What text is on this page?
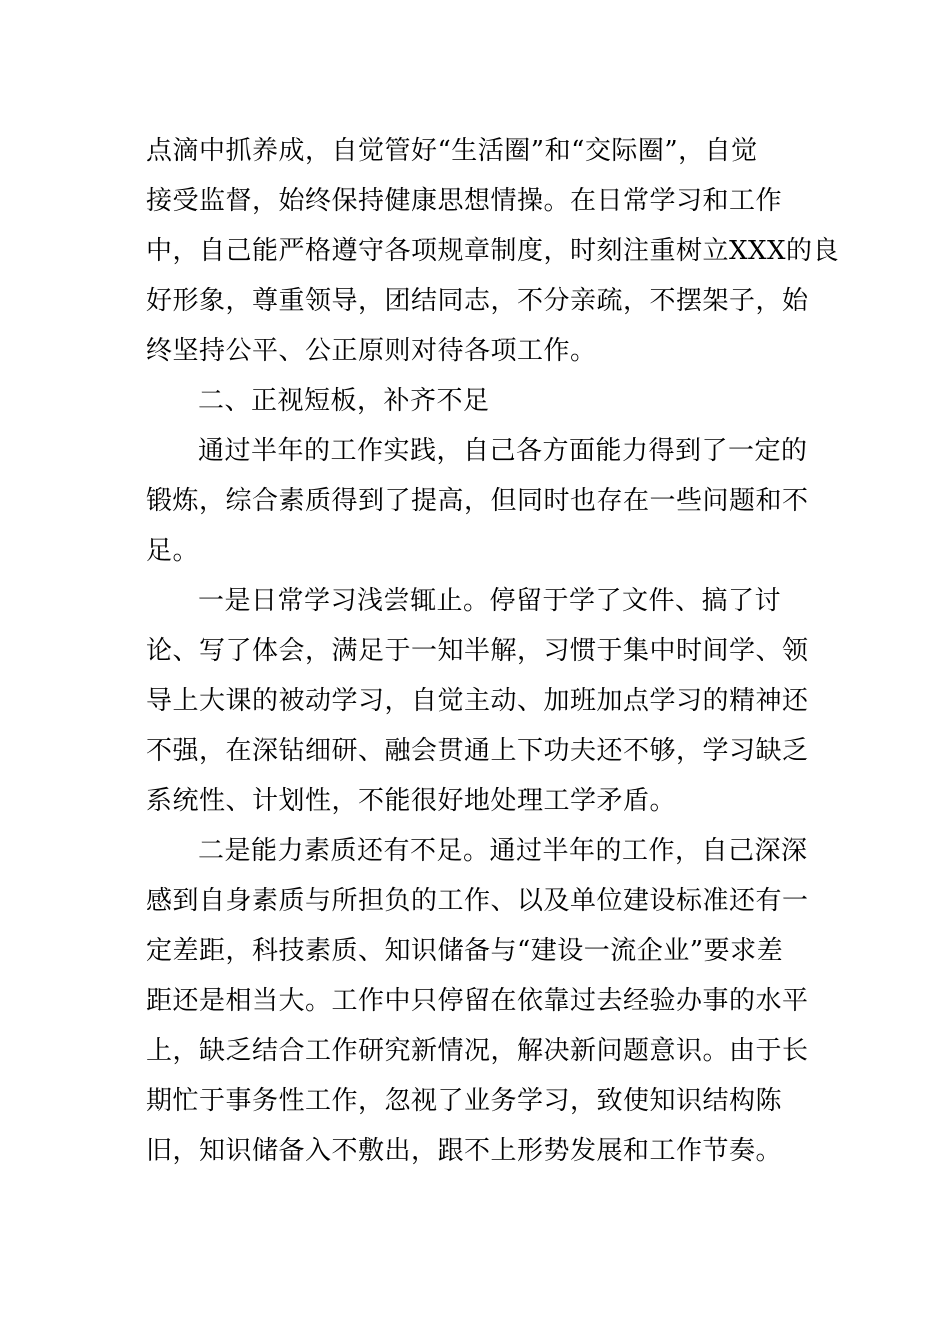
点滴中抓养成，自觉管好“生活圈”和“交际圈”，自觉
接受监督，始终保持健康思想情操。在日常学习和工作
中，自己能严格遵守各项规章制度，时刻注重树立XXX的良
好形象，尊重领导，团结同志，不分亲疏，不摆架子，始
终坚持公平、公正原则对待各项工作。
二、正视短板，补齐不足
通过半年的工作实践，自己各方面能力得到了一定的
锻炼，综合素质得到了提高，但同时也存在一些问题和不
足。
一是日常学习浅尝辄止。停留于学了文件、搞了讨
论、写了体会，满足于一知半解，习惯于集中时间学、领
导上大课的被动学习，自觉主动、加班加点学习的精神还
不强，在深钻细研、融会贯通上下功夫还不够，学习缺乏
系统性、计划性，不能很好地处理工学矛盾。
二是能力素质还有不足。通过半年的工作，自己深深
感到自身素质与所担负的工作、以及单位建设标准还有一
定差距，科技素质、知识储备与“建设一流企业”要求差
距还是相当大。工作中只停留在依靠过去经验办事的水平
上，缺乏结合工作研究新情况，解决新问题意识。由于长
期忙于事务性工作，忽视了业务学习，致使知识结构陈
旧，知识储备入不敷出，跟不上形势发展和工作节奏。
